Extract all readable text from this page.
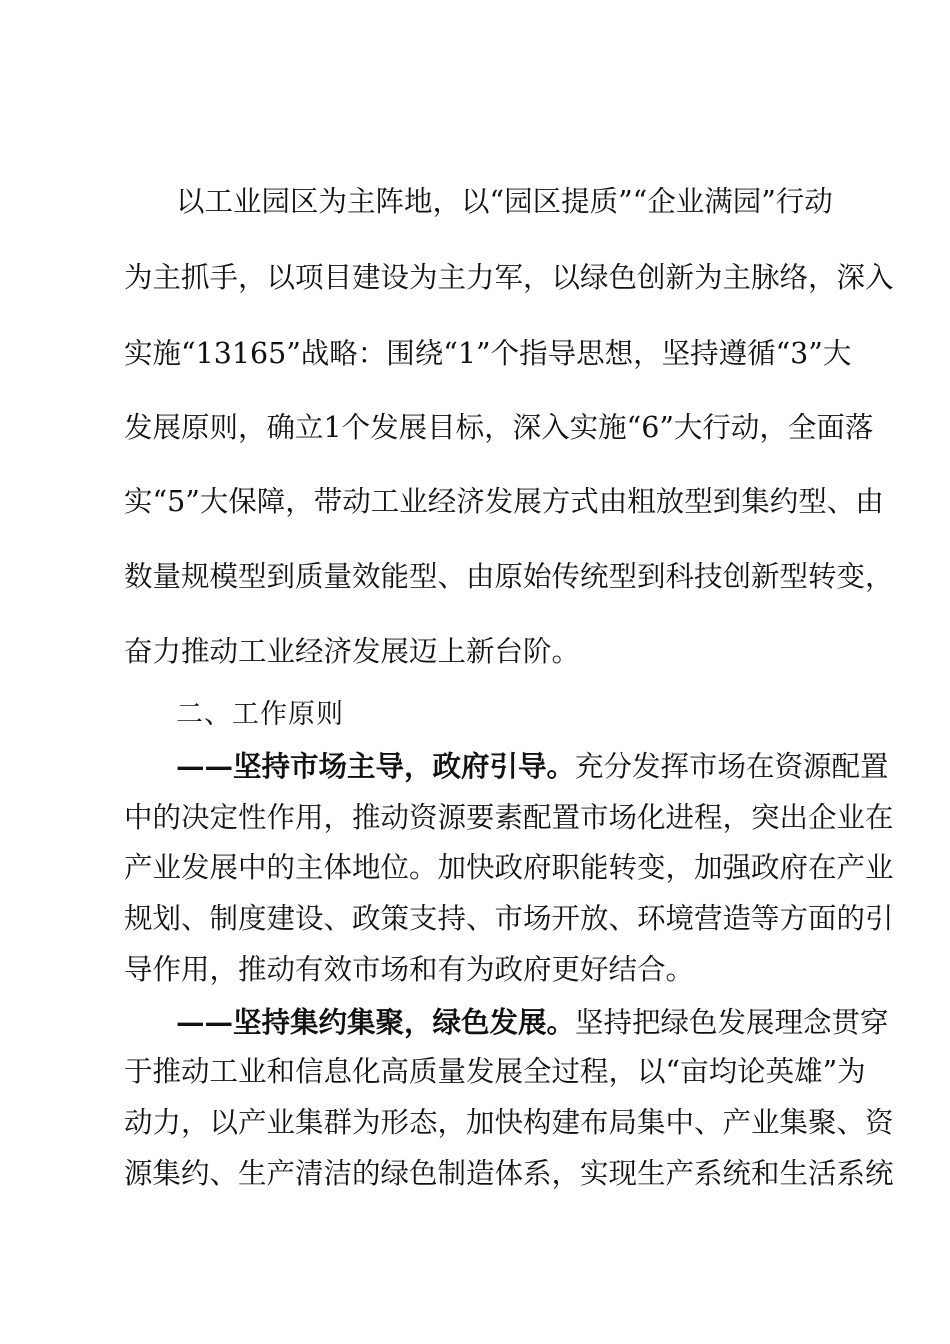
以工业园区为主阵地，以“园区提质”“企业满园”行动
为主抓手，以项目建设为主力军，以绿色创新为主脉络，深入
实施“13165”战略：围绕“1”个指导思想，坚持遵循“3”大
发展原则，确立1个发展目标，深入实施“6”大行动，全面落
实“5”大保障，带动工业经济发展方式由粗放型到集约型、由
数量规模型到质量效能型、由原始传统型到科技创新型转变，
奋力推动工业经济发展迈上新台阶。
二、工作原则
——坚持市场主导，政府引导。充分发挥市场在资源配置
中的决定性作用，推动资源要素配置市场化进程，突出企业在
产业发展中的主体地位。加快政府职能转变，加强政府在产业
规划、制度建设、政策支持、市场开放、环境营造等方面的引
导作用，推动有效市场和有为政府更好结合。
——坚持集约集聚，绿色发展。坚持把绿色发展理念贯穿
于推动工业和信息化高质量发展全过程，以“亩均论英雄”为
动力，以产业集群为形态，加快构建布局集中、产业集聚、资
源集约、生产清洁的绿色制造体系，实现生产系统和生活系统
